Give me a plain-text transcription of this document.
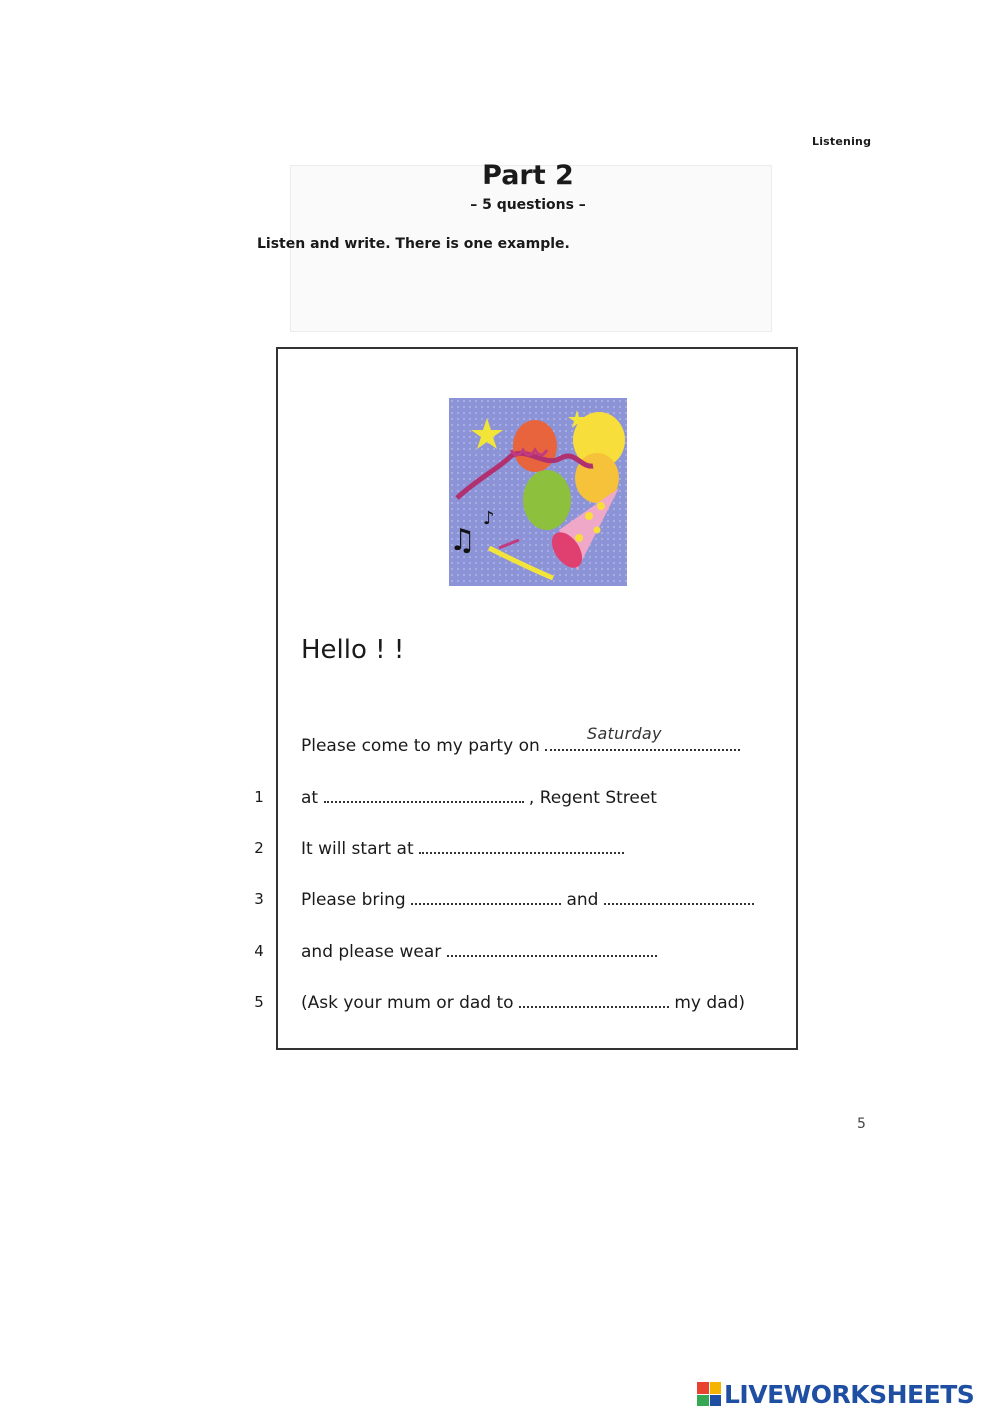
Listening
Part 2
– 5 questions –
Listen and write. There is one example.
♫
♪
Hello ! !
Please come to my party on
Saturday
at	, Regent Street
It will start at
Please bring	and
and please wear
(Ask your mum or dad to	my dad)
1
2
3
4
5
5
LIVEWORKSHEETS
